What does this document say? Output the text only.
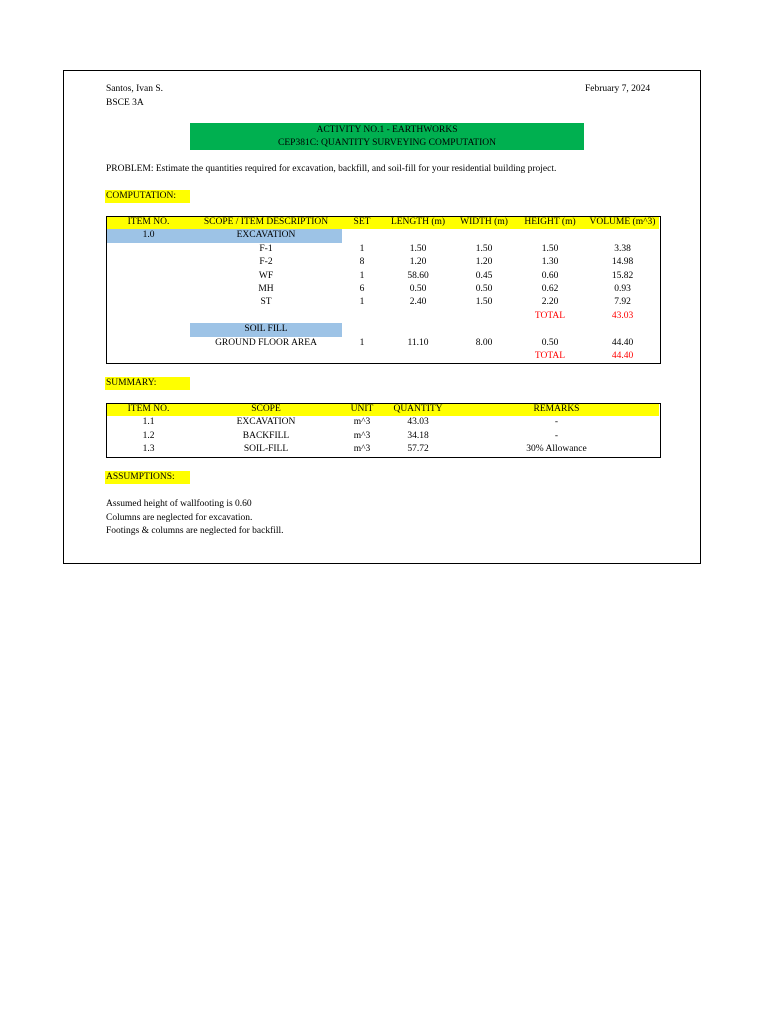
Santos, Ivan S.
BSCE 3A
February 7, 2024
ACTIVITY NO.1 - EARTHWORKS
CEP381C: QUANTITY SURVEYING COMPUTATION
PROBLEM: Estimate the quantities required for excavation, backfill, and soil-fill for your residential building project.
COMPUTATION:
ITEM NO.	SCOPE / ITEM DESCRIPTION	SET	LENGTH (m)	WIDTH (m)	HEIGHT (m)	VOLUME (m^3)
1.0	EXCAVATION					
	F-1	1	1.50	1.50	1.50	3.38
	F-2	8	1.20	1.20	1.30	14.98
	WF	1	58.60	0.45	0.60	15.82
	MH	6	0.50	0.50	0.62	0.93
	ST	1	2.40	1.50	2.20	7.92
					TOTAL	43.03
	SOIL FILL					
	GROUND FLOOR AREA	1	11.10	8.00	0.50	44.40
					TOTAL	44.40
SUMMARY:
ITEM NO.	SCOPE	UNIT	QUANTITY	REMARKS
1.1	EXCAVATION	m^3	43.03	-
1.2	BACKFILL	m^3	34.18	-
1.3	SOIL-FILL	m^3	57.72	30% Allowance
ASSUMPTIONS:
Assumed height of wallfooting is 0.60
Columns are neglected for excavation.
Footings & columns are neglected for backfill.
